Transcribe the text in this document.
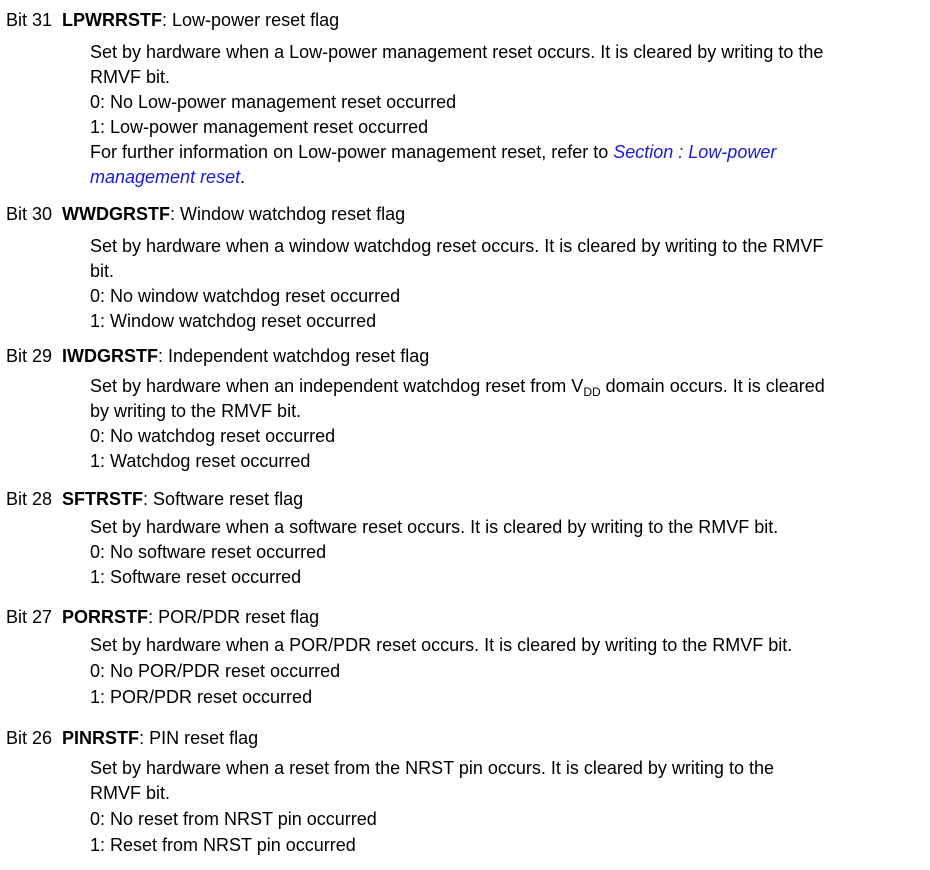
Bit 31 LPWRRSTF: Low-power reset flag
Set by hardware when a Low-power management reset occurs. It is cleared by writing to the
RMVF bit.
0: No Low-power management reset occurred
1: Low-power management reset occurred
For further information on Low-power management reset, refer to Section : Low-power
management reset.
Bit 30 WWDGRSTF: Window watchdog reset flag
Set by hardware when a window watchdog reset occurs. It is cleared by writing to the RMVF
bit.
0: No window watchdog reset occurred
1: Window watchdog reset occurred
Bit 29 IWDGRSTF: Independent watchdog reset flag
Set by hardware when an independent watchdog reset from $V_{DD}$ domain occurs. It is cleared
by writing to the RMVF bit.
0: No watchdog reset occurred
1: Watchdog reset occurred
Bit 28 SFTRSTF: Software reset flag
Set by hardware when a software reset occurs. It is cleared by writing to the RMVF bit.
0: No software reset occurred
1: Software reset occurred
Bit 27 PORRSTF: POR/PDR reset flag
Set by hardware when a POR/PDR reset occurs. It is cleared by writing to the RMVF bit.
0: No POR/PDR reset occurred
1: POR/PDR reset occurred
Bit 26 PINRSTF: PIN reset flag
Set by hardware when a reset from the NRST pin occurs. It is cleared by writing to the
RMVF bit.
0: No reset from NRST pin occurred
1: Reset from NRST pin occurred
